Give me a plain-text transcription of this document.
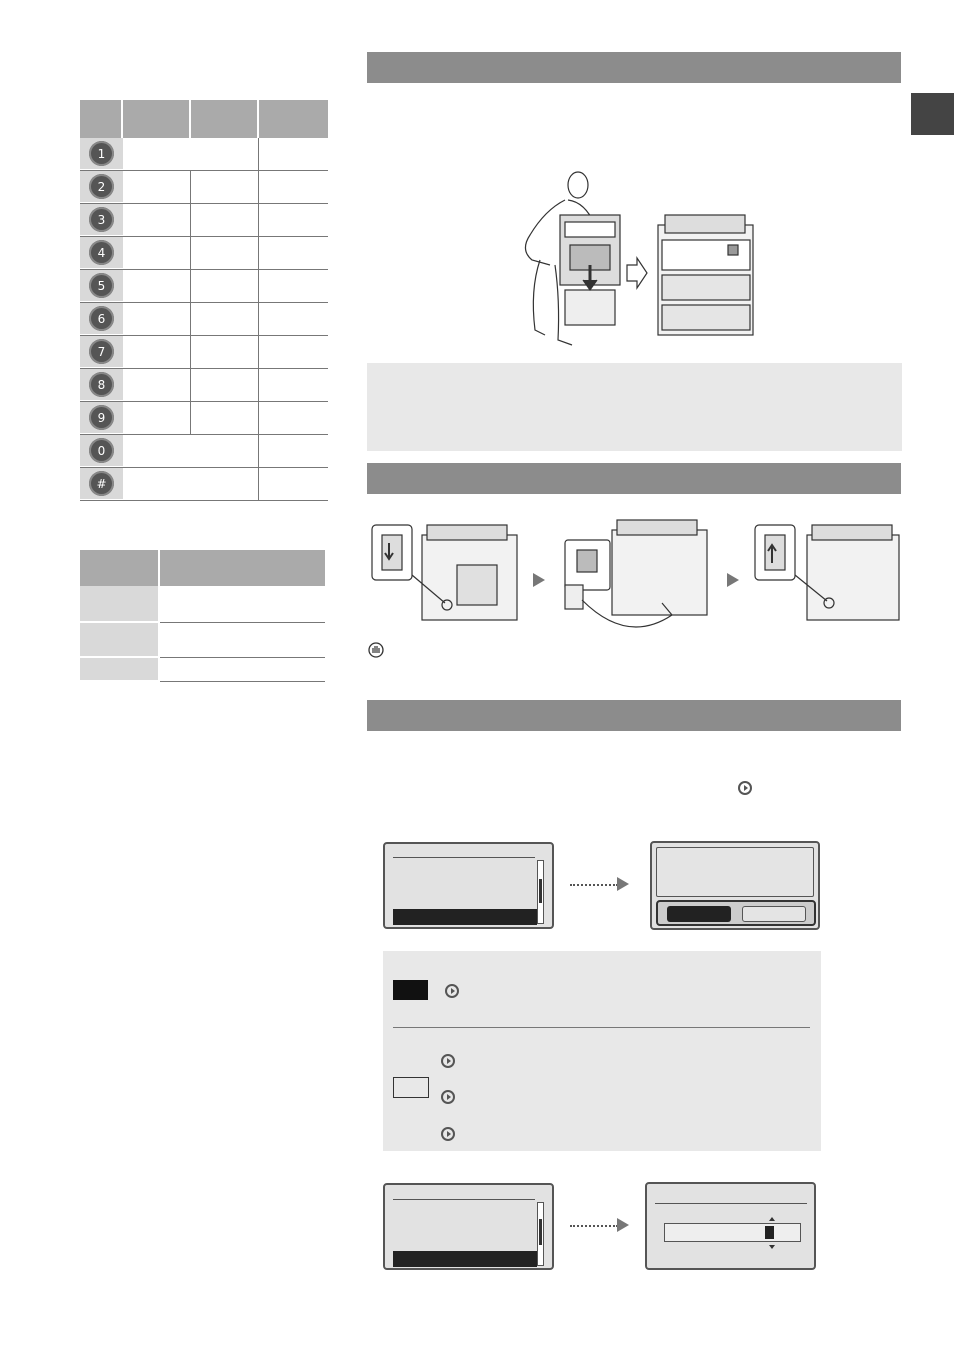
1
2
3
4
5
6
7
8
9
0
#
